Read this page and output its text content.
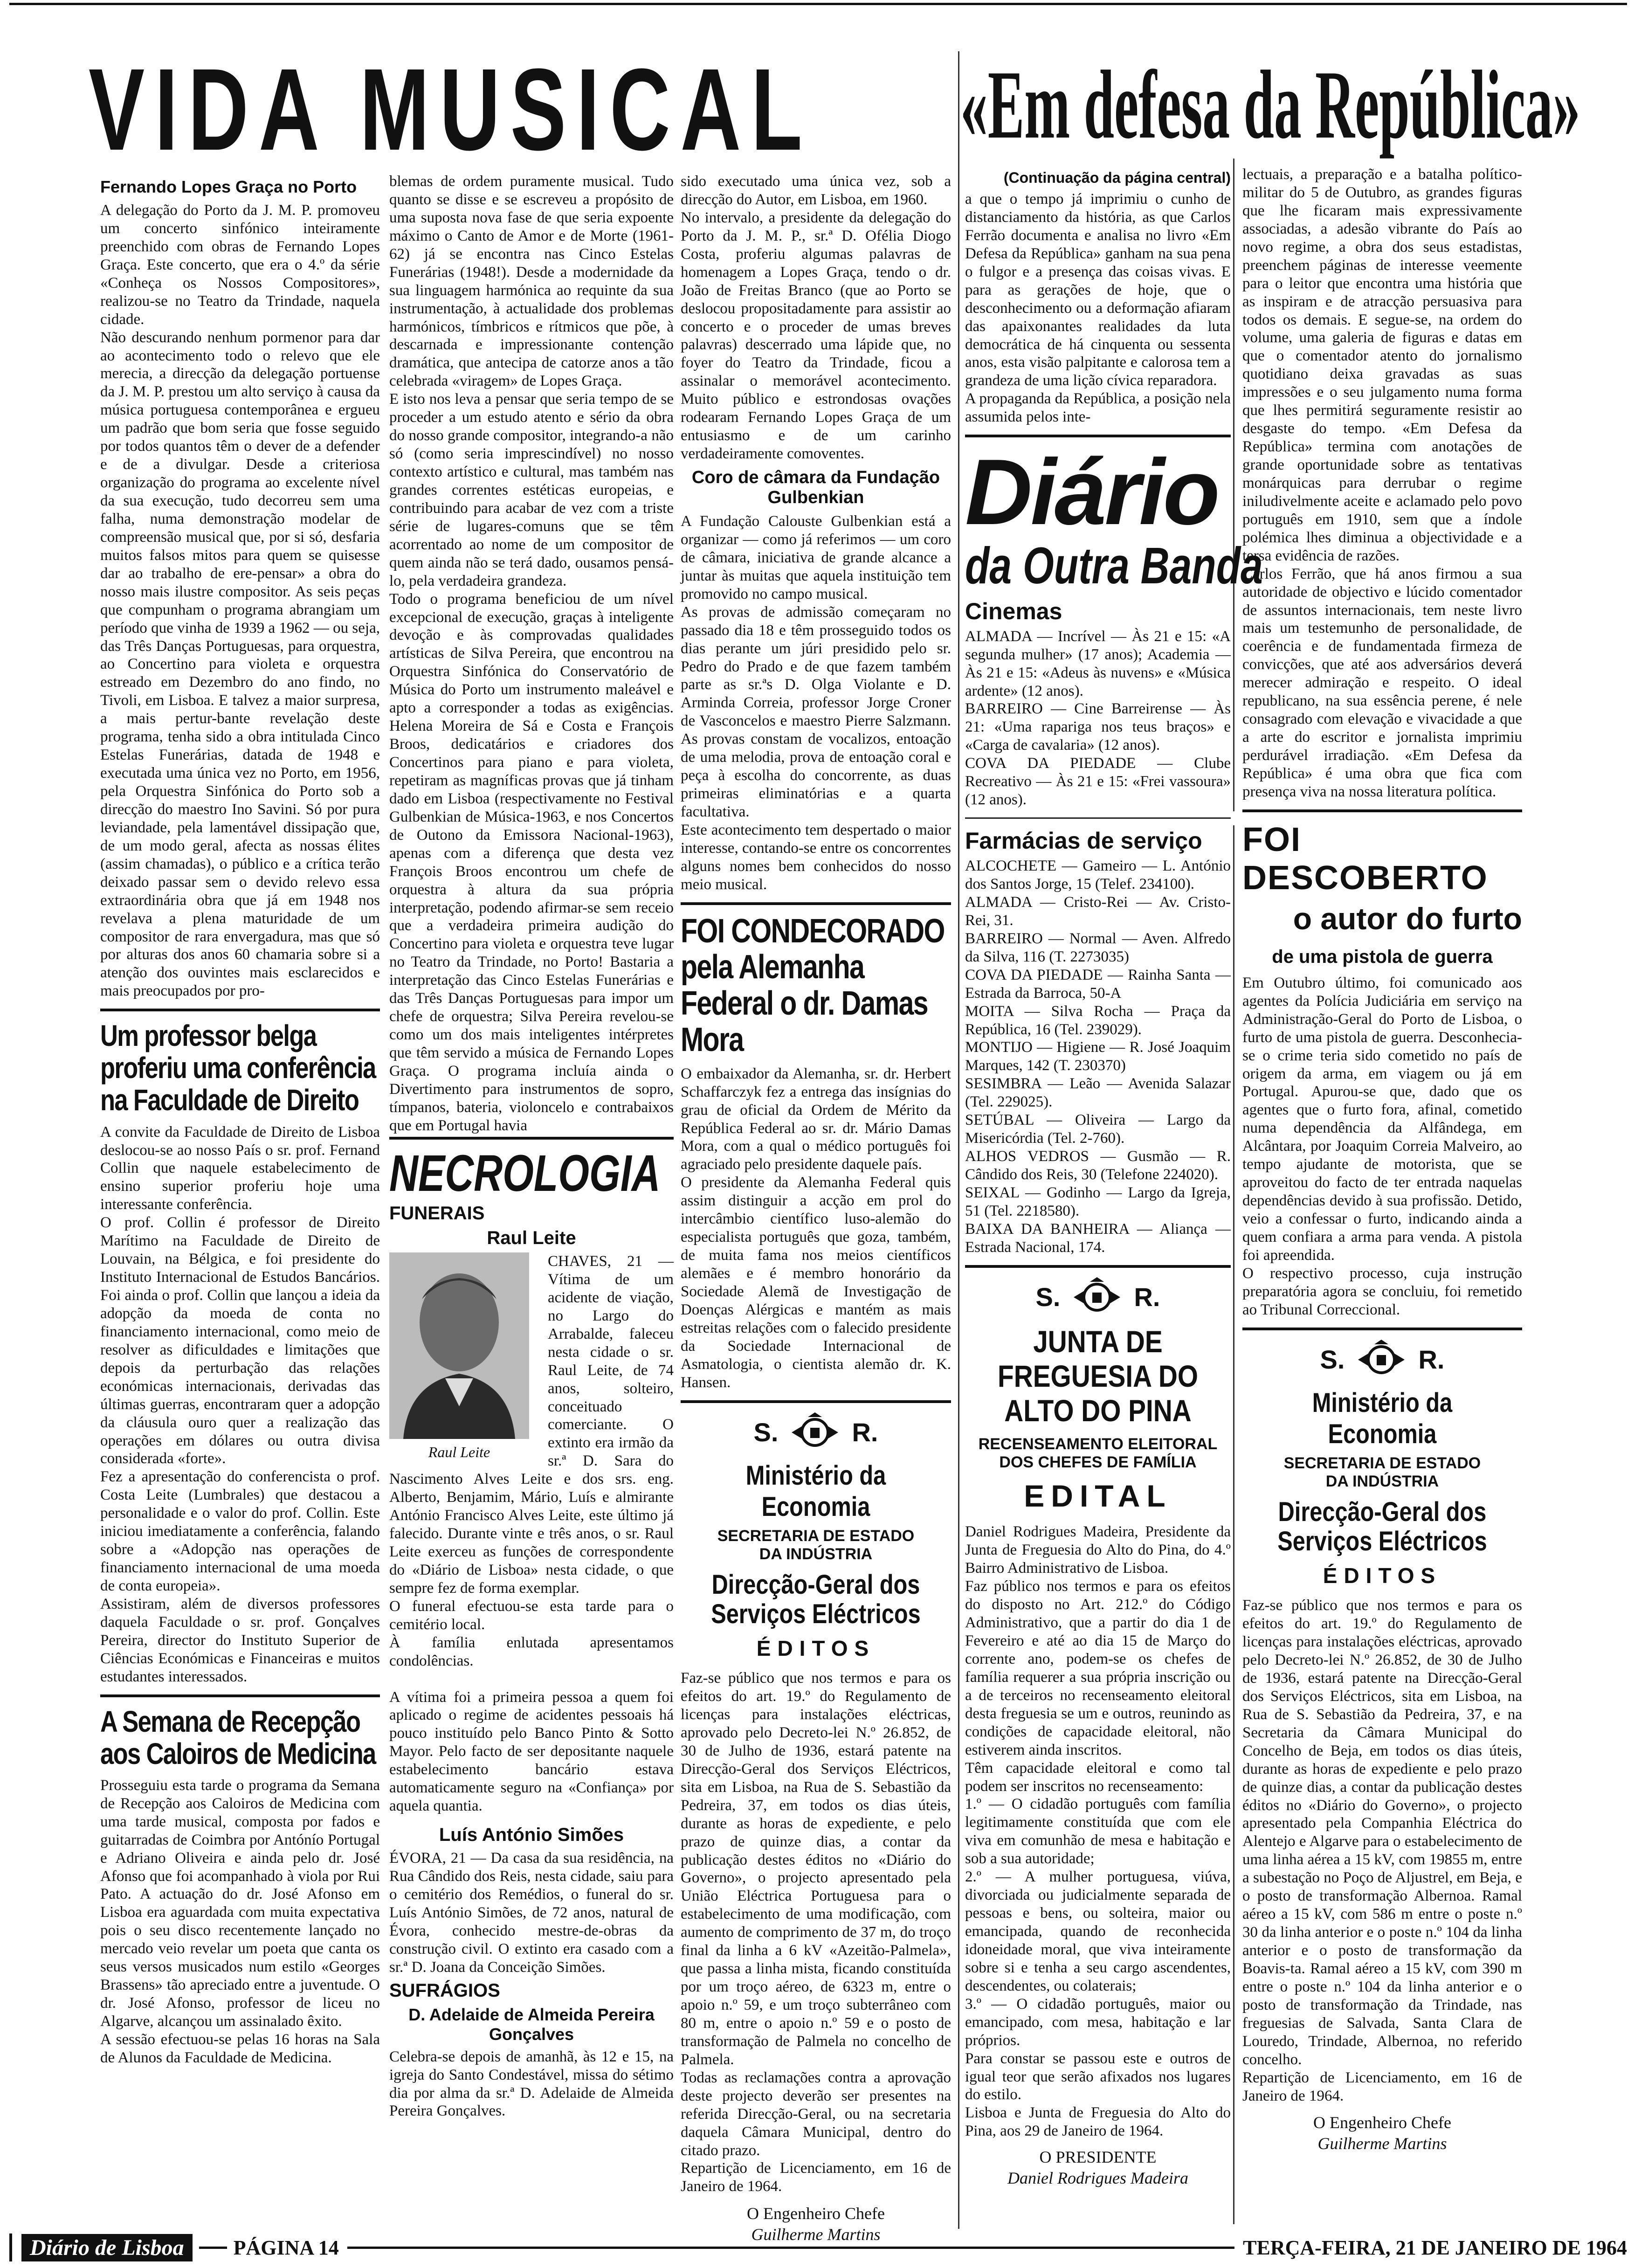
VIDA MUSICAL «Em defesa da República»
Fernando Lopes Graça no Porto
A delegação do Porto da J. M. P. promoveu um concerto sinfónico inteiramente preenchido com obras de Fernando Lopes Graça. Este concerto, que era o 4.º da série «Conheça os Nossos Compositores», realizou-se no Teatro da Trindade, naquela cidade.
Não descurando nenhum pormenor para dar ao acontecimento todo o relevo que ele merecia, a direcção da delegação portuense da J. M. P. prestou um alto serviço à causa da música portuguesa contemporânea e ergueu um padrão que bom seria que fosse seguido por todos quantos têm o dever de a defender e de a divulgar. Desde a criteriosa organização do programa ao excelente nível da sua execução, tudo decorreu sem uma falha, numa demonstração modelar de compreensão musical que, por si só, desfaria muitos falsos mitos para quem se quisesse dar ao trabalho de ere-pensar» a obra do nosso mais ilustre compositor. As seis peças que compunham o programa abrangiam um período que vinha de 1939 a 1962 — ou seja, das Três Danças Portuguesas, para orquestra, ao Concertino para violeta e orquestra estreado em Dezembro do ano findo, no Tivoli, em Lisboa. E talvez a maior surpresa, a mais pertur-bante revelação deste programa, tenha sido a obra intitulada Cinco Estelas Funerárias, datada de 1948 e executada uma única vez no Porto, em 1956, pela Orquestra Sinfónica do Porto sob a direcção do maestro Ino Savini. Só por pura leviandade, pela lamentável dissipação que, de um modo geral, afecta as nossas élites (assim chamadas), o público e a crítica terão deixado passar sem o devido relevo essa extraordinária obra que já em 1948 nos revelava a plena maturidade de um compositor de rara envergadura, mas que só por alturas dos anos 60 chamaria sobre si a atenção dos ouvintes mais esclarecidos e mais preocupados por pro-
Um professor belga proferiu uma conferência na Faculdade de Direito
A convite da Faculdade de Direito de Lisboa deslocou-se ao nosso País o sr. prof. Fernand Collin que naquele estabelecimento de ensino superior proferiu hoje uma interessante conferência.
O prof. Collin é professor de Direito Marítimo na Faculdade de Direito de Louvain, na Bélgica, e foi presidente do Instituto Internacional de Estudos Bancários. Foi ainda o prof. Collin que lançou a ideia da adopção da moeda de conta no financiamento internacional, como meio de resolver as dificuldades e limitações que depois da perturbação das relações económicas internacionais, derivadas das últimas guerras, encontraram quer a adopção da cláusula ouro quer a realização das operações em dólares ou outra divisa considerada «forte».
Fez a apresentação do conferencista o prof. Costa Leite (Lumbrales) que destacou a personalidade e o valor do prof. Collin. Este iniciou imediatamente a conferência, falando sobre a «Adopção nas operações de financiamento internacional de uma moeda de conta europeia».
Assistiram, além de diversos professores daquela Faculdade o sr. prof. Gonçalves Pereira, director do Instituto Superior de Ciências Económicas e Financeiras e muitos estudantes interessados.
A Semana de Recepção aos Caloiros de Medicina
Prosseguiu esta tarde o programa da Semana de Recepção aos Caloiros de Medicina com uma tarde musical, composta por fados e guitarradas de Coimbra por Antónío Portugal e Adriano Oliveira e ainda pelo dr. José Afonso que foi acompanhado à viola por Rui Pato. A actuação do dr. José Afonso em Lisboa era aguardada com muita expectativa pois o seu disco recentemente lançado no mercado veio revelar um poeta que canta os seus versos musicados num estilo «Georges Brassens» tão apreciado entre a juventude. O dr. José Afonso, professor de liceu no Algarve, alcançou um assinalado êxito.
A sessão efectuou-se pelas 16 horas na Sala de Alunos da Faculdade de Medicina.
blemas de ordem puramente musical. Tudo quanto se disse e se escreveu a propósito de uma suposta nova fase de que seria expoente máximo o Canto de Amor e de Morte (1961-62) já se encontra nas Cinco Estelas Funerárias (1948!). Desde a modernidade da sua linguagem harmónica ao requinte da sua instrumentação, à actualidade dos problemas harmónicos, tímbricos e rítmicos que põe, à descarnada e impressionante contenção dramática, que antecipa de catorze anos a tão celebrada «viragem» de Lopes Graça.
E isto nos leva a pensar que seria tempo de se proceder a um estudo atento e sério da obra do nosso grande compositor, integrando-a não só (como seria imprescindível) no nosso contexto artístico e cultural, mas também nas grandes correntes estéticas europeias, e contribuindo para acabar de vez com a triste série de lugares-comuns que se têm acorrentado ao nome de um compositor de quem ainda não se terá dado, ousamos pensá-lo, pela verdadeira grandeza.
Todo o programa beneficiou de um nível excepcional de execução, graças à inteligente devoção e às comprovadas qualidades artísticas de Silva Pereira, que encontrou na Orquestra Sinfónica do Conservatório de Música do Porto um instrumento maleável e apto a corresponder a todas as exigências. Helena Moreira de Sá e Costa e François Broos, dedicatários e criadores dos Concertinos para piano e para violeta, repetiram as magníficas provas que já tinham dado em Lisboa (respectivamente no Festival Gulbenkian de Música-1963, e nos Concertos de Outono da Emissora Nacional-1963), apenas com a diferença que desta vez François Broos encontrou um chefe de orquestra à altura da sua própria interpretação, podendo afirmar-se sem receio que a verdadeira primeira audição do Concertino para violeta e orquestra teve lugar no Teatro da Trindade, no Porto! Bastaria a interpretação das Cinco Estelas Funerárias e das Três Danças Portuguesas para impor um chefe de orquestra; Silva Pereira revelou-se como um dos mais inteligentes intérpretes que têm servido a música de Fernando Lopes Graça. O programa incluía ainda o Divertimento para instrumentos de sopro, tímpanos, bateria, violoncelo e contrabaixos que em Portugal havia
NECROLOGIA
FUNERAIS
Raul Leite
Raul Leite
CHAVES, 21 — Vítima de um acidente de viação, no Largo do Arrabalde, faleceu nesta cidade o sr. Raul Leite, de 74 anos, solteiro, conceituado comerciante. O extinto era irmão da sr.ª D. Sara do Nascimento Alves Leite e dos srs. eng. Alberto, Benjamim, Mário, Luís e almirante António Francisco Alves Leite, este último já falecido. Durante vinte e três anos, o sr. Raul Leite exerceu as funções de correspondente do «Diário de Lisboa» nesta cidade, o que sempre fez de forma exemplar.
O funeral efectuou-se esta tarde para o cemitério local.
À família enlutada apresentamos condolências.

A vítima foi a primeira pessoa a quem foi aplicado o regime de acidentes pessoais há pouco instituído pelo Banco Pinto & Sotto Mayor. Pelo facto de ser depositante naquele estabelecimento bancário estava automaticamente seguro na «Confiança» por aquela quantia.
Luís António Simões
ÉVORA, 21 — Da casa da sua residência, na Rua Cândido dos Reis, nesta cidade, saiu para o cemitério dos Remédios, o funeral do sr. Luís António Simões, de 72 anos, natural de Évora, conhecido mestre-de-obras da construção civil. O extinto era casado com a sr.ª D. Joana da Conceição Simões.
SUFRÁGIOS
D. Adelaide de Almeida Pereira Gonçalves
Celebra-se depois de amanhã, às 12 e 15, na igreja do Santo Condestável, missa do sétimo dia por alma da sr.ª D. Adelaide de Almeida Pereira Gonçalves.
sido executado uma única vez, sob a direcção do Autor, em Lisboa, em 1960.
No intervalo, a presidente da delegação do Porto da J. M. P., sr.ª D. Ofélia Diogo Costa, proferiu algumas palavras de homenagem a Lopes Graça, tendo o dr. João de Freitas Branco (que ao Porto se deslocou propositadamente para assistir ao concerto e o proceder de umas breves palavras) descerrado uma lápide que, no foyer do Teatro da Trindade, ficou a assinalar o memorável acontecimento. Muito público e estrondosas ovações rodearam Fernando Lopes Graça de um entusiasmo e de um carinho verdadeiramente comoventes.
Coro de câmara da Fundação Gulbenkian
A Fundação Calouste Gulbenkian está a organizar — como já referimos — um coro de câmara, iniciativa de grande alcance a juntar às muitas que aquela instituição tem promovido no campo musical.
As provas de admissão começaram no passado dia 18 e têm prosseguido todos os dias perante um júri presidido pelo sr. Pedro do Prado e de que fazem também parte as sr.ªs D. Olga Violante e D. Arminda Correia, professor Jorge Croner de Vasconcelos e maestro Pierre Salzmann. As provas constam de vocalizos, entoação de uma melodia, prova de entoação coral e peça à escolha do concorrente, as duas primeiras eliminatórias e a quarta facultativa.
Este acontecimento tem despertado o maior interesse, contando-se entre os concorrentes alguns nomes bem conhecidos do nosso meio musical.
FOI CONDECORADO pela Alemanha Federal o dr. Damas Mora
O embaixador da Alemanha, sr. dr. Herbert Schaffarczyk fez a entrega das insígnias do grau de oficial da Ordem de Mérito da República Federal ao sr. dr. Mário Damas Mora, com a qual o médico português foi agraciado pelo presidente daquele país.
O presidente da Alemanha Federal quis assim distinguir a acção em prol do intercâmbio científico luso-alemão do especialista português que goza, também, de muita fama nos meios científicos alemães e é membro honorário da Sociedade Alemã de Investigação de Doenças Alérgicas e mantém as mais estreitas relações com o falecido presidente da Sociedade Internacional de Asmatologia, o cientista alemão dr. K. Hansen.
S.	R.
Ministério da Economia
SECRETARIA DE ESTADO
DA INDÚSTRIA
Direcção-Geral dos Serviços Eléctricos
ÉDITOS
Faz-se público que nos termos e para os efeitos do art. 19.º do Regulamento de licenças para instalações eléctricas, aprovado pelo Decreto-lei N.º 26.852, de 30 de Julho de 1936, estará patente na Direcção-Geral dos Serviços Eléctricos, sita em Lisboa, na Rua de S. Sebastião da Pedreira, 37, em todos os dias úteis, durante as horas de expediente, e pelo prazo de quinze dias, a contar da publicação destes éditos no «Diário do Governo», o projecto apresentado pela União Eléctrica Portuguesa para o estabelecimento de uma modificação, com aumento de comprimento de 37 m, do troço final da linha a 6 kV «Azeitão-Palmela», que passa a linha mista, ficando constituída por um troço aéreo, de 6323 m, entre o apoio n.º 59, e um troço subterrâneo com 80 m, entre o apoio n.º 59 e o posto de transformação de Palmela no concelho de Palmela.
Todas as reclamações contra a aprovação deste projecto deverão ser presentes na referida Direcção-Geral, ou na secretaria daquela Câmara Municipal, dentro do citado prazo.
Repartição de Licenciamento, em 16 de Janeiro de 1964.
O Engenheiro Chefe
Guilherme Martins
(Continuação da página central)
a que o tempo já imprimiu o cunho de distanciamento da história, as que Carlos Ferrão documenta e analisa no livro «Em Defesa da República» ganham na sua pena o fulgor e a presença das coisas vivas. E para as gerações de hoje, que o desconhecimento ou a deformação afiaram das apaixonantes realidades da luta democrática de há cinquenta ou sessenta anos, esta visão palpitante e calorosa tem a grandeza de uma lição cívica reparadora.
A propaganda da República, a posição nela assumida pelos inte-
Diário
da Outra Banda
Cinemas
ALMADA — Incrível — Às 21 e 15: «A segunda mulher» (17 anos); Academia — Às 21 e 15: «Adeus às nuvens» e «Música ardente» (12 anos).
BARREIRO — Cine Barreirense — Às 21: «Uma rapariga nos teus braços» e «Carga de cavalaria» (12 anos).
COVA DA PIEDADE — Clube Recreativo — Às 21 e 15: «Frei vassoura» (12 anos).
Farmácias de serviço
ALCOCHETE — Gameiro — L. António dos Santos Jorge, 15 (Telef. 234100).
ALMADA — Cristo-Rei — Av. Cristo-Rei, 31.
BARREIRO — Normal — Aven. Alfredo da Silva, 116 (T. 2273035)
COVA DA PIEDADE — Rainha Santa — Estrada da Barroca, 50-A
MOITA — Silva Rocha — Praça da República, 16 (Tel. 239029).
MONTIJO — Higiene — R. José Joaquim Marques, 142 (T. 230370)
SESIMBRA — Leão — Avenida Salazar (Tel. 229025).
SETÚBAL — Oliveira — Largo da Misericórdia (Tel. 2-760).
ALHOS VEDROS — Gusmão — R. Cândido dos Reis, 30 (Telefone 224020).
SEIXAL — Godinho — Largo da Igreja, 51 (Tel. 2218580).
BAIXA DA BANHEIRA — Aliança — Estrada Nacional, 174.
S.	R.
JUNTA DE FREGUESIA DO ALTO DO PINA
RECENSEAMENTO ELEITORAL DOS CHEFES DE FAMÍLIA
EDITAL
Daniel Rodrigues Madeira, Presidente da Junta de Freguesia do Alto do Pina, do 4.º Bairro Administrativo de Lisboa.
Faz público nos termos e para os efeitos do disposto no Art. 212.º do Código Administrativo, que a partir do dia 1 de Fevereiro e até ao dia 15 de Março do corrente ano, podem-se os chefes de família requerer a sua própria inscrição ou a de terceiros no recenseamento eleitoral desta freguesia se um e outros, reunindo as condições de capacidade eleitoral, não estiverem ainda inscritos.
Têm capacidade eleitoral e como tal podem ser inscritos no recenseamento:
1.º — O cidadão português com família legitimamente constituída que com ele viva em comunhão de mesa e habitação e sob a sua autoridade;
2.º — A mulher portuguesa, viúva, divorciada ou judicialmente separada de pessoas e bens, ou solteira, maior ou emancipada, quando de reconhecida idoneidade moral, que viva inteiramente sobre si e tenha a seu cargo ascendentes, descendentes, ou colaterais;
3.º — O cidadão português, maior ou emancipado, com mesa, habitação e lar próprios.
Para constar se passou este e outros de igual teor que serão afixados nos lugares do estilo.
Lisboa e Junta de Freguesia do Alto do Pina, aos 29 de Janeiro de 1964.
O PRESIDENTE
Daniel Rodrigues Madeira
lectuais, a preparação e a batalha político-militar do 5 de Outubro, as grandes figuras que lhe ficaram mais expressivamente associadas, a adesão vibrante do País ao novo regime, a obra dos seus estadistas, preenchem páginas de interesse veemente para o leitor que encontra uma história que as inspiram e de atracção persuasiva para todos os demais. E segue-se, na ordem do volume, uma galeria de figuras e datas em que o comentador atento do jornalismo quotidiano deixa gravadas as suas impressões e o seu julgamento numa forma que lhes permitirá seguramente resistir ao desgaste do tempo. «Em Defesa da República» termina com anotações de grande oportunidade sobre as tentativas monárquicas para derrubar o regime iniludivelmente aceite e aclamado pelo povo português em 1910, sem que a índole polémica lhes diminua a objectividade e a tersa evidência de razões.
Carlos Ferrão, que há anos firmou a sua autoridade de objectivo e lúcido comentador de assuntos internacionais, tem neste livro mais um testemunho de personalidade, de coerência e de fundamentada firmeza de convicções, que até aos adversários deverá merecer admiração e respeito. O ideal republicano, na sua essência perene, é nele consagrado com elevação e vivacidade a que a arte do escritor e jornalista imprimiu perdurável irradiação. «Em Defesa da República» é uma obra que fica com presença viva na nossa literatura política.
FOI DESCOBERTO
o autor do furto
de uma pistola de guerra
Em Outubro último, foi comunicado aos agentes da Polícia Judiciária em serviço na Administração-Geral do Porto de Lisboa, o furto de uma pistola de guerra. Desconhecia-se o crime teria sido cometido no país de origem da arma, em viagem ou já em Portugal. Apurou-se que, dado que os agentes que o furto fora, afinal, cometido numa dependência da Alfândega, em Alcântara, por Joaquim Correia Malveiro, ao tempo ajudante de motorista, que se aproveitou do facto de ter entrada naquelas dependências devido à sua profissão. Detido, veio a confessar o furto, indicando ainda a quem confiara a arma para venda. A pistola foi apreendida.
O respectivo processo, cuja instrução preparatória agora se concluiu, foi remetido ao Tribunal Correccional.
S.	R.
Ministério da Economia
SECRETARIA DE ESTADO
DA INDÚSTRIA
Direcção-Geral dos Serviços Eléctricos
ÉDITOS
Faz-se público que nos termos e para os efeitos do art. 19.º do Regulamento de licenças para instalações eléctricas, aprovado pelo Decreto-lei N.º 26.852, de 30 de Julho de 1936, estará patente na Direcção-Geral dos Serviços Eléctricos, sita em Lisboa, na Rua de S. Sebastião da Pedreira, 37, e na Secretaria da Câmara Municipal do Concelho de Beja, em todos os dias úteis, durante as horas de expediente e pelo prazo de quinze dias, a contar da publicação destes éditos no «Diário do Governo», o projecto apresentado pela Companhia Eléctrica do Alentejo e Algarve para o estabelecimento de uma linha aérea a 15 kV, com 19855 m, entre a subestação no Poço de Aljustrel, em Beja, e o posto de transformação Albernoa. Ramal aéreo a 15 kV, com 586 m entre o poste n.º 30 da linha anterior e o poste n.º 104 da linha anterior e o posto de transformação da Boavis-ta. Ramal aéreo a 15 kV, com 390 m entre o poste n.º 104 da linha anterior e o posto de transformação da Trindade, nas freguesias de Salvada, Santa Clara de Louredo, Trindade, Albernoa, no referido concelho.
Repartição de Licenciamento, em 16 de Janeiro de 1964.
O Engenheiro Chefe
Guilherme Martins
Diário de Lisboa	PÁGINA 14	TERÇA-FEIRA, 21 DE JANEIRO DE 1964
